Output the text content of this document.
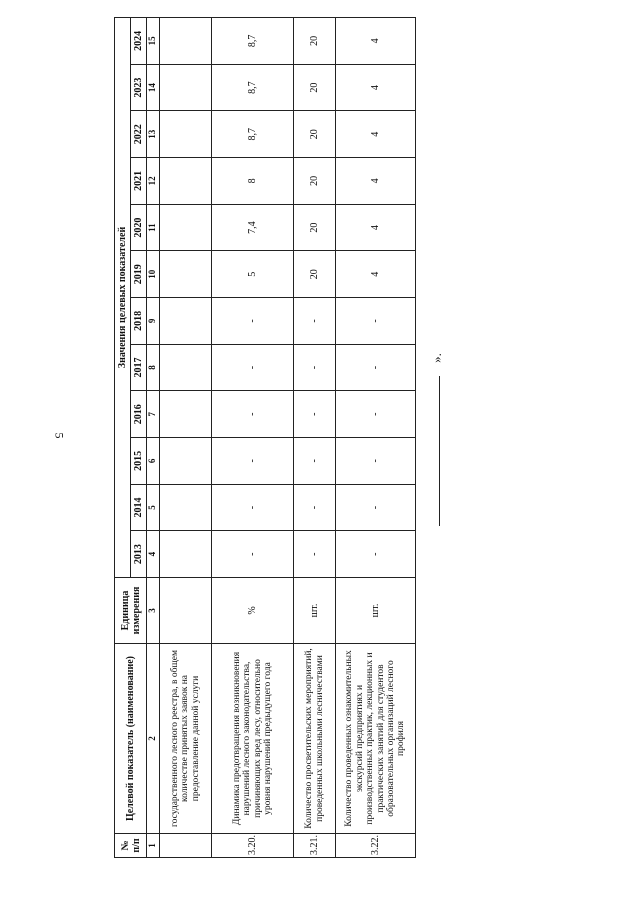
5
№ п/п	Целевой показатель (наименование)	Единица измерения	Значения целевых показателей											
			2013	2014	2015	2016	2017	2018	2019	2020	2021	2022	2023	2024
1	2	3	4	5	6	7	8	9	10	11	12	13	14	15
	государственного лесного реестра, в общем количестве принятых заявок на предоставление данной услуги													
3.20.	Динамика предотвращения возникновения нарушений лесного законодательства, причиняющих вред лесу, относительно уровня нарушений предыдущего года	%	-	-	-	-	-	-	5	7,4	8	8,7	8,7	8,7
3.21.	Количество просветительских мероприятий, проведенных школьными лесничествами	шт.	-	-	-	-	-	-	20	20	20	20	20	20
3.22.	Количество проведенных ознакомительных экскурсий предприятиях и производственных практик, лекционных и практических занятий для студентов образовательных организаций лесного профиля	шт.	-	-	-	-	-	-	4	4	4	4	4	4
».
